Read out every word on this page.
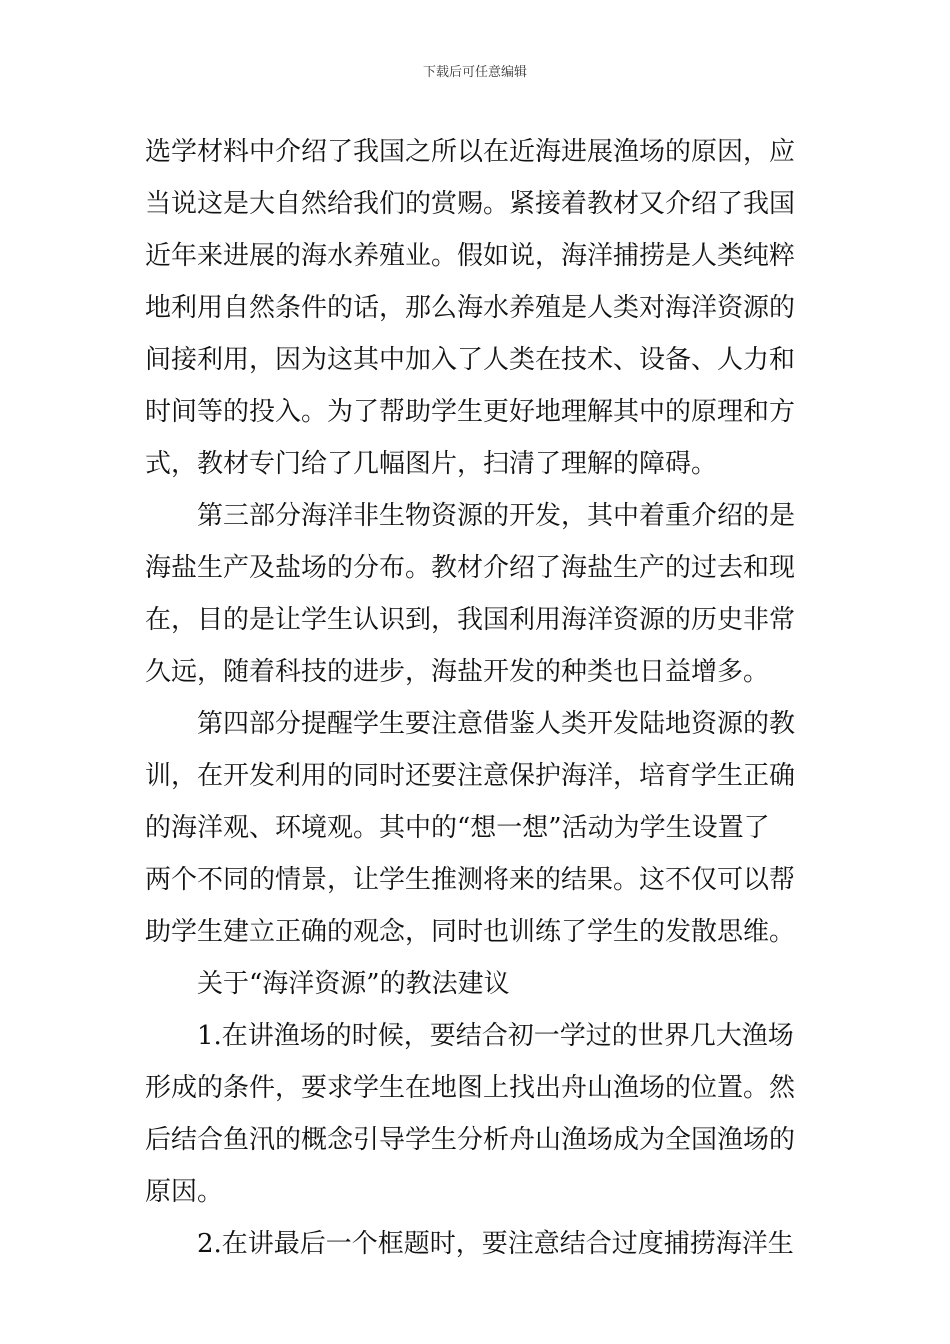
下载后可任意编辑
选学材料中介绍了我国之所以在近海进展渔场的原因，应
当说这是大自然给我们的赏赐。紧接着教材又介绍了我国
近年来进展的海水养殖业。假如说，海洋捕捞是人类纯粹
地利用自然条件的话，那么海水养殖是人类对海洋资源的
间接利用，因为这其中加入了人类在技术、设备、人力和
时间等的投入。为了帮助学生更好地理解其中的原理和方
式，教材专门给了几幅图片，扫清了理解的障碍。
第三部分海洋非生物资源的开发，其中着重介绍的是
海盐生产及盐场的分布。教材介绍了海盐生产的过去和现
在，目的是让学生认识到，我国利用海洋资源的历史非常
久远，随着科技的进步，海盐开发的种类也日益增多。
第四部分提醒学生要注意借鉴人类开发陆地资源的教
训，在开发利用的同时还要注意保护海洋，培育学生正确
的海洋观、环境观。其中的“想一想”活动为学生设置了
两个不同的情景，让学生推测将来的结果。这不仅可以帮
助学生建立正确的观念，同时也训练了学生的发散思维。
关于“海洋资源”的教法建议
1.在讲渔场的时候，要结合初一学过的世界几大渔场
形成的条件，要求学生在地图上找出舟山渔场的位置。然
后结合鱼汛的概念引导学生分析舟山渔场成为全国渔场的
原因。
2.在讲最后一个框题时，要注意结合过度捕捞海洋生
